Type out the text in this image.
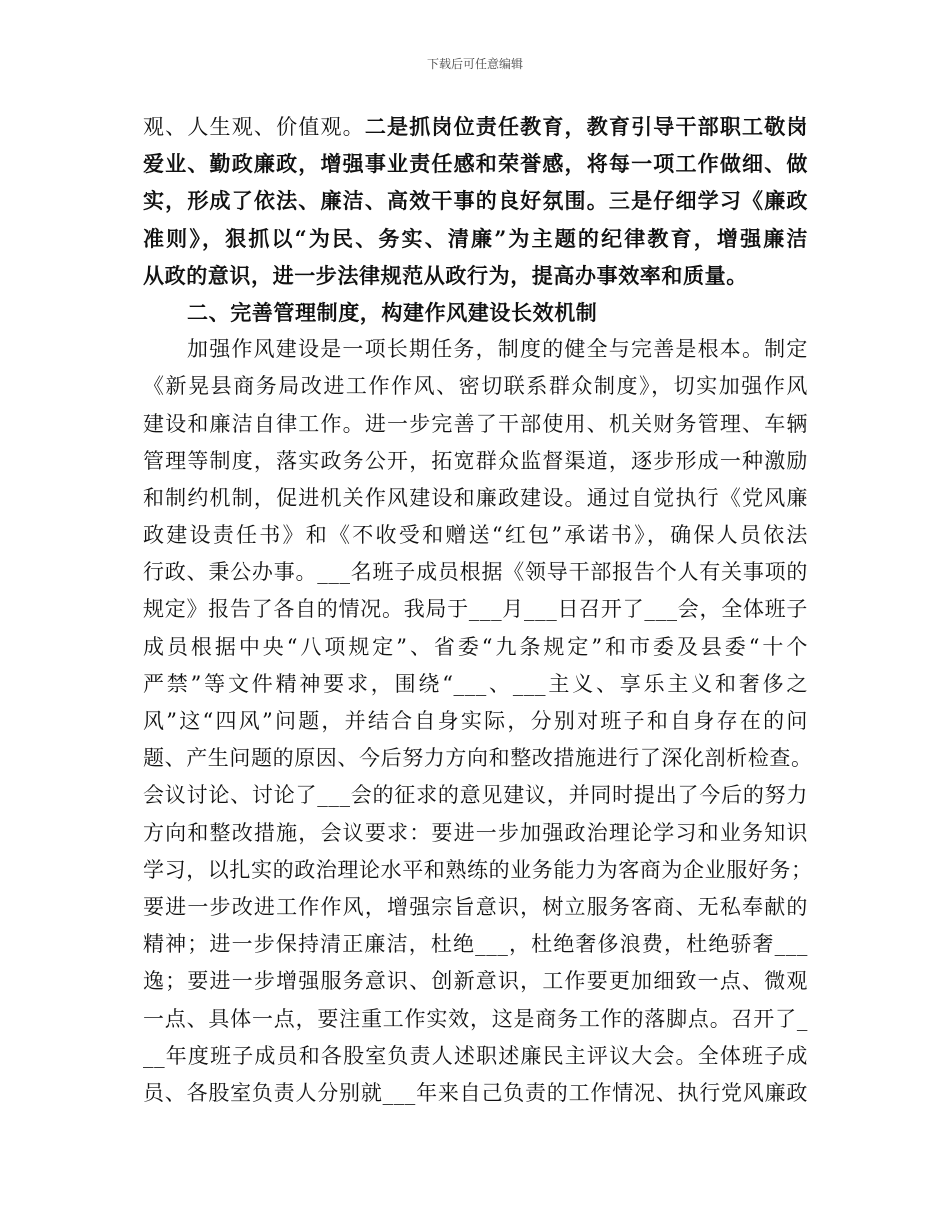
下载后可任意编辑
观、人生观、价值观。二是抓岗位责任教育，教育引导干部职工敬岗
爱业、勤政廉政，增强事业责任感和荣誉感，将每一项工作做细、做
实，形成了依法、廉洁、高效干事的良好氛围。三是仔细学习《廉政
准则》，狠抓以“为民、务实、清廉”为主题的纪律教育，增强廉洁
从政的意识，进一步法律规范从政行为，提高办事效率和质量。
二、完善管理制度，构建作风建设长效机制
加强作风建设是一项长期任务，制度的健全与完善是根本。制定
《新晃县商务局改进工作作风、密切联系群众制度》，切实加强作风
建设和廉洁自律工作。进一步完善了干部使用、机关财务管理、车辆
管理等制度，落实政务公开，拓宽群众监督渠道，逐步形成一种激励
和制约机制，促进机关作风建设和廉政建设。通过自觉执行《党风廉
政建设责任书》和《不收受和赠送“红包”承诺书》，确保人员依法
行政、秉公办事。___名班子成员根据《领导干部报告个人有关事项的
规定》报告了各自的情况。我局于___月___日召开了___会，全体班子
成员根据中央“八项规定”、省委“九条规定”和市委及县委“十个
严禁”等文件精神要求，围绕“___、___主义、享乐主义和奢侈之
风”这“四风”问题，并结合自身实际，分别对班子和自身存在的问
题、产生问题的原因、今后努力方向和整改措施进行了深化剖析检查。
会议讨论、讨论了___会的征求的意见建议，并同时提出了今后的努力
方向和整改措施，会议要求：要进一步加强政治理论学习和业务知识
学习，以扎实的政治理论水平和熟练的业务能力为客商为企业服好务；
要进一步改进工作作风，增强宗旨意识，树立服务客商、无私奉献的
精神；进一步保持清正廉洁，杜绝___，杜绝奢侈浪费，杜绝骄奢___
逸；要进一步增强服务意识、创新意识，工作要更加细致一点、微观
一点、具体一点，要注重工作实效，这是商务工作的落脚点。召开了_
__年度班子成员和各股室负责人述职述廉民主评议大会。全体班子成
员、各股室负责人分别就___年来自己负责的工作情况、执行党风廉政
